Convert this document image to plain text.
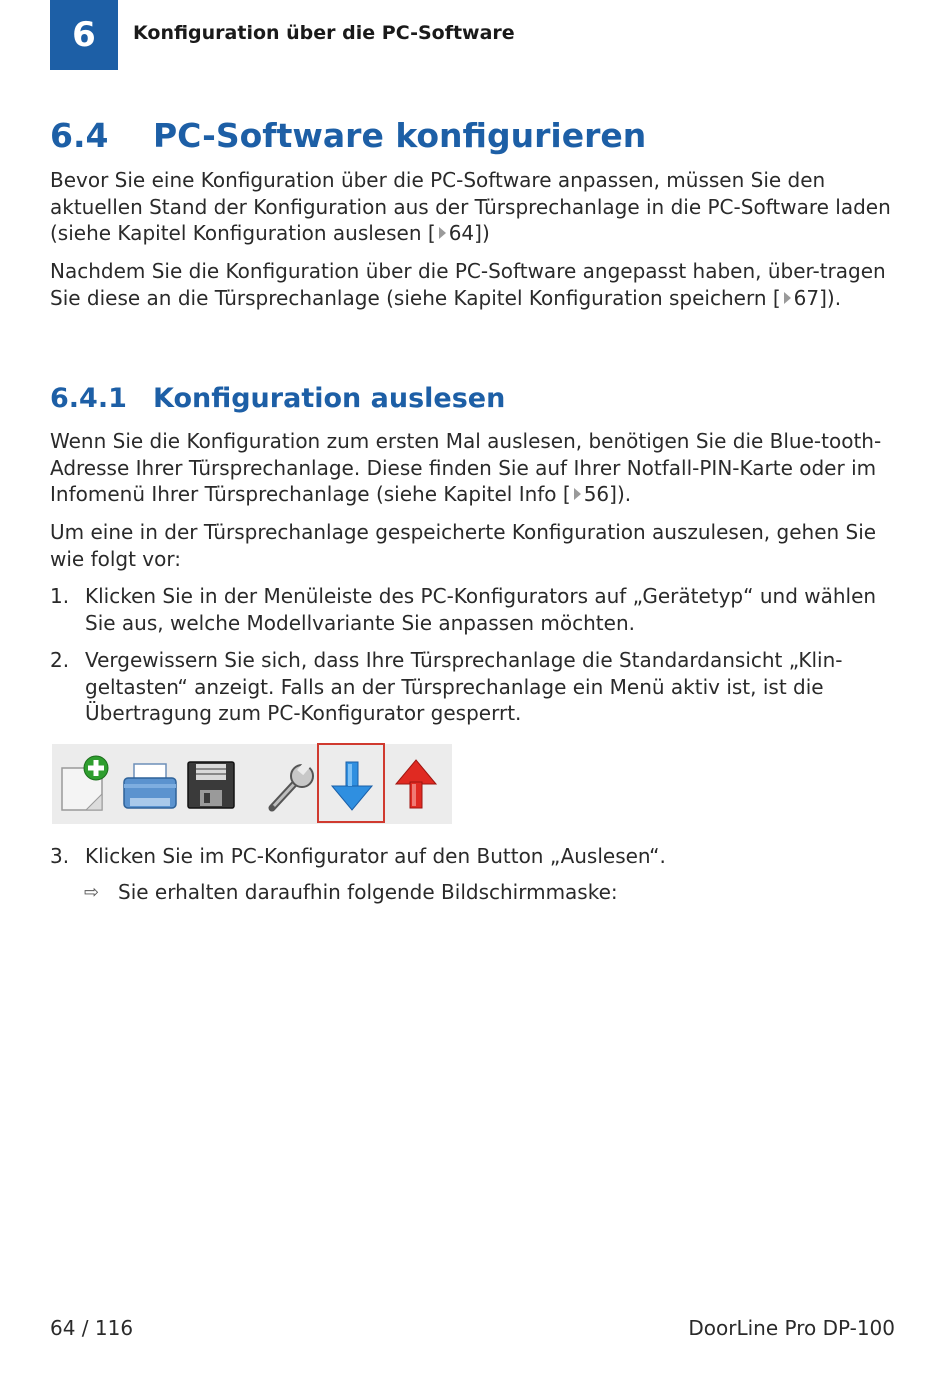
6	Konfiguration über die PC-Software
6.4 PC-Software konfigurieren
Bevor Sie eine Konfiguration über die PC-Software anpassen, müssen Sie den aktuellen Stand der Konfiguration aus der Türsprechanlage in die PC-Software laden (siehe Kapitel Konfiguration auslesen [ 64])
Nachdem Sie die Konfiguration über die PC-Software angepasst haben, über-tragen Sie diese an die Türsprechanlage (siehe Kapitel Konfiguration speichern [ 67]).
6.4.1 Konfiguration auslesen
Wenn Sie die Konfiguration zum ersten Mal auslesen, benötigen Sie die Blue-tooth-Adresse Ihrer Türsprechanlage. Diese finden Sie auf Ihrer Notfall-PIN-Karte oder im Infomenü Ihrer Türsprechanlage (siehe Kapitel Info [ 56]).
Um eine in der Türsprechanlage gespeicherte Konfiguration auszulesen, gehen Sie wie folgt vor:
1. Klicken Sie in der Menüleiste des PC-Konfigurators auf „Gerätetyp“ und wählen Sie aus, welche Modellvariante Sie anpassen möchten.
2. Vergewissern Sie sich, dass Ihre Türsprechanlage die Standardansicht „Klin-geltasten“ anzeigt. Falls an der Türsprechanlage ein Menü aktiv ist, ist die Übertragung zum PC-Konfigurator gesperrt.
3. Klicken Sie im PC-Konfigurator auf den Button „Auslesen“.
⇨ Sie erhalten daraufhin folgende Bildschirmmaske:
64 / 116	DoorLine Pro DP-100
